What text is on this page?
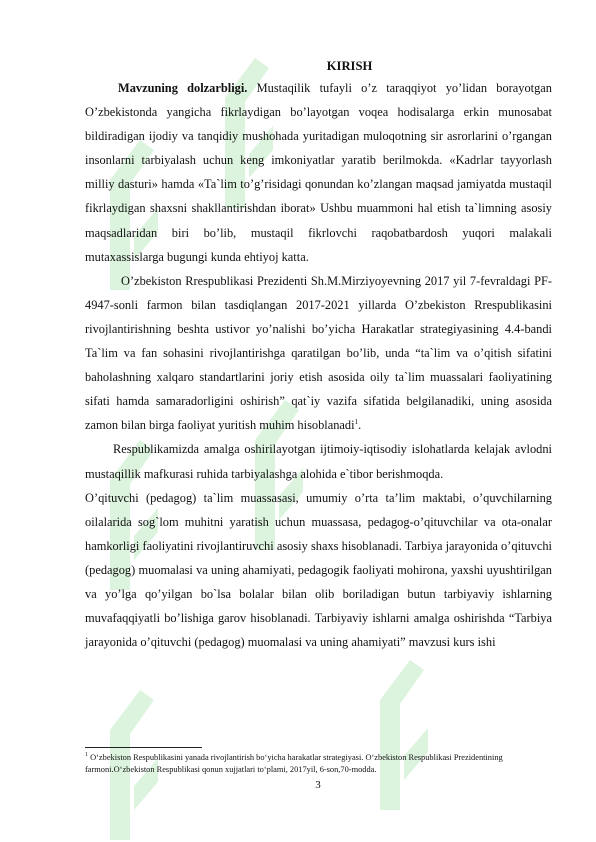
KIRISH

Mavzuning dolzarbligi. Mustaqilik tufayli o’z taraqqiyot yo’lidan borayotgan O’zbekistonda yangicha fikrlaydigan bo’layotgan voqea hodisalarga erkin munosabat bildiradigan ijodiy va tanqidiy mushohada yuritadigan muloqotning sir asrorlarini o’rgangan insonlarni tarbiyalash uchun keng imkoniyatlar yaratib berilmokda. «Kadrlar tayyorlash milliy dasturi» hamda «Ta`lim to’g’risidagi qonundan ko’zlangan maqsad jamiyatda mustaqil fikrlaydigan shaxsni shakllantirishdan iborat» Ushbu muammoni hal etish ta`limning asosiy maqsadlaridan biri bo’lib, mustaqil fikrlovchi raqobatbardosh yuqori malakali mutaxassislarga bugungi kunda ehtiyoj katta.

O’zbekiston Rrespublikasi Prezidenti Sh.M.Mirziyoyevning 2017 yil 7-fevraldagi PF-4947-sonli farmon bilan tasdiqlangan 2017-2021 yillarda O’zbekiston Rrespublikasini rivojlantirishning beshta ustivor yo’nalishi bo’yicha Harakatlar strategiyasining 4.4-bandi Ta`lim va fan sohasini rivojlantirishga qaratilgan bo’lib, unda “ta`lim va o’qitish sifatini baholashning xalqaro standartlarini joriy etish asosida oily ta`lim muassalari faoliyatining sifati hamda samaradorligini oshirish” qat`iy vazifa sifatida belgilanadiki, uning asosida zamon bilan birga faoliyat yuritish muhim hisoblanadi$^1$.

Respublikamizda amalga oshirilayotgan ijtimoiy-iqtisodiy islohatlarda kelajak avlodni mustaqillik mafkurasi ruhida tarbiyalashga alohida e`tibor berishmoqda.

O’qituvchi (pedagog) ta`lim muassasasi, umumiy o’rta ta’lim maktabi, o’quvchilarning oilalarida sog`lom muhitni yaratish uchun muassasa, pedagog-o’qituvchilar va ota-onalar hamkorligi faoliyatini rivojlantiruvchi asosiy shaxs hisoblanadi. Tarbiya jarayonida o’qituvchi (pedagog) muomalasi va uning ahamiyati, pedagogik faoliyati mohirona, yaxshi uyushtirilgan va yo’lga qo’yilgan bo`lsa bolalar bilan olib boriladigan butun tarbiyaviy ishlarning muvafaqqiyatli bo’lishiga garov hisoblanadi. Tarbiyaviy ishlarni amalga oshirishda “Tarbiya jarayonida o’qituvchi (pedagog) muomalasi va uning ahamiyati” mavzusi kurs ishi

$^1$ O‘zbekiston Respublikasini yanada rivojlantirish bo‘yicha harakatlar strategiyasi. O‘zbekiston Respublikasi Prezidentining farmoni.O‘zbekiston Respublikasi qonun xujjatlari to‘plami, 2017yil, 6-son,70-modda.
3
